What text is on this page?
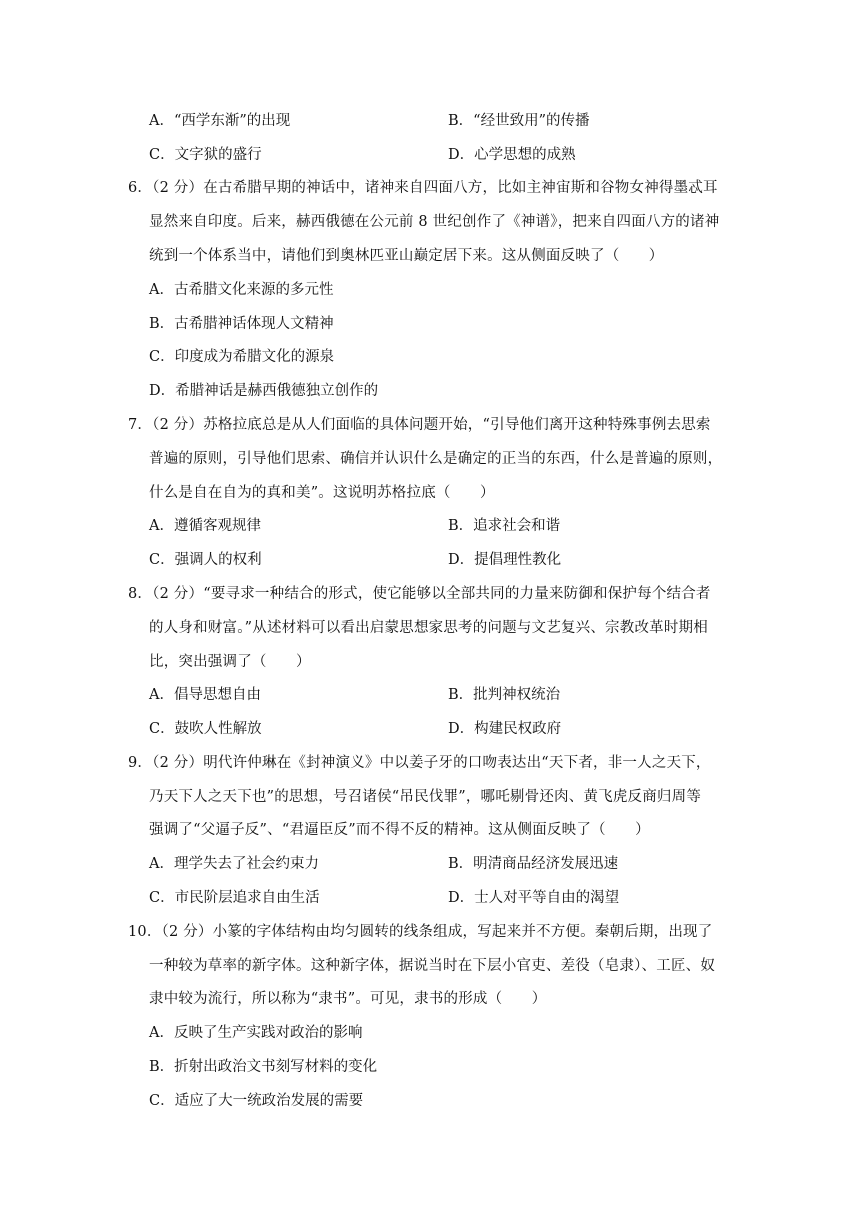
A．“西学东渐”的出现	B．“经世致用”的传播
C．文字狱的盛行	D．心学思想的成熟
6．（2 分）在古希腊早期的神话中，诸神来自四面八方，比如主神宙斯和谷物女神得墨忒耳
显然来自印度。后来，赫西俄德在公元前 8 世纪创作了《神谱》，把来自四面八方的诸神
统到一个体系当中，请他们到奥林匹亚山巅定居下来。这从侧面反映了（　　）
A．古希腊文化来源的多元性
B．古希腊神话体现人文精神
C．印度成为希腊文化的源泉
D．希腊神话是赫西俄德独立创作的
7．（2 分）苏格拉底总是从人们面临的具体问题开始，“引导他们离开这种特殊事例去思索
普遍的原则，引导他们思索、确信并认识什么是确定的正当的东西，什么是普遍的原则，
什么是自在自为的真和美”。这说明苏格拉底（　　）
A．遵循客观规律	B．追求社会和谐
C．强调人的权利	D．提倡理性教化
8．（2 分）“要寻求一种结合的形式，使它能够以全部共同的力量来防御和保护每个结合者
的人身和财富。”从述材料可以看出启蒙思想家思考的问题与文艺复兴、宗教改革时期相
比，突出强调了（　　）
A．倡导思想自由	B．批判神权统治
C．鼓吹人性解放	D．构建民权政府
9．（2 分）明代许仲琳在《封神演义》中以姜子牙的口吻表达出“天下者，非一人之天下，
乃天下人之天下也”的思想，号召诸侯“吊民伐罪”，哪吒剔骨还肉、黄飞虎反商归周等
强调了“父逼子反”、“君逼臣反”而不得不反的精神。这从侧面反映了（　　）
A．理学失去了社会约束力	B．明清商品经济发展迅速
C．市民阶层追求自由生活	D．士人对平等自由的渴望
10．（2 分）小篆的字体结构由均匀圆转的线条组成，写起来并不方便。秦朝后期，出现了
一种较为草率的新字体。这种新字体，据说当时在下层小官吏、差役（皂隶）、工匠、奴
隶中较为流行，所以称为“隶书”。可见，隶书的形成（　　）
A．反映了生产实践对政治的影响
B．折射出政治文书刻写材料的变化
C．适应了大一统政治发展的需要
